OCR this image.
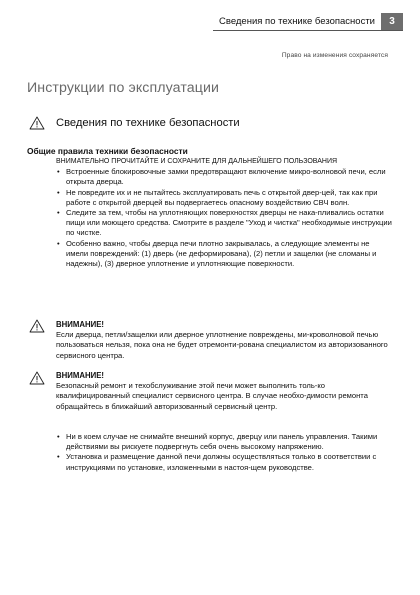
Сведения по технике безопасности	3
Право на изменения сохраняется
Инструкции по эксплуатации
Сведения по технике безопасности
Общие правила техники безопасности

ВНИМАТЕЛЬНО ПРОЧИТАЙТЕ И СОХРАНИТЕ ДЛЯ ДАЛЬНЕЙШЕГО ПОЛЬЗОВАНИЯ

• Встроенные блокировочные замки предотвращают включение микро-волновой печи, если открыта дверца.
• Не повредите их и не пытайтесь эксплуатировать печь с открытой двер-цей, так как при работе с открытой дверцей вы подвергаетесь опасному воздействию СВЧ волн.
• Следите за тем, чтобы на уплотняющих поверхностях дверцы не нака-пливались остатки пищи или моющего средства. Смотрите в разделе "Уход и чистка" необходимые инструкции по чистке.
• Особенно важно, чтобы дверца печи плотно закрывалась, а следующие элементы не имели повреждений: (1) дверь (не деформирована), (2) петли и защелки (не сломаны и надежны), (3) дверное уплотнение и уплотняющие поверхности.

ВНИМАНИЕ!

Если дверца, петли/защелки или дверное уплотнение повреждены, ми-кроволновой печью пользоваться нельзя, пока она не будет отремонти-рована специалистом из авторизованного сервисного центра.

ВНИМАНИЕ!

Безопасный ремонт и техобслуживание этой печи может выполнить толь-ко квалифицированный специалист сервисного центра. В случае необхо-димости ремонта обращайтесь в ближайший авторизованный сервисный центр.

• Ни в коем случае не снимайте внешний корпус, дверцу или панель управления. Такими действиями вы рискуете подвергнуть себя очень высокому напряжению.
• Установка и размещение данной печи должны осуществляться только в соответствии с инструкциями по установке, изложенными в настоя-щем руководстве.
